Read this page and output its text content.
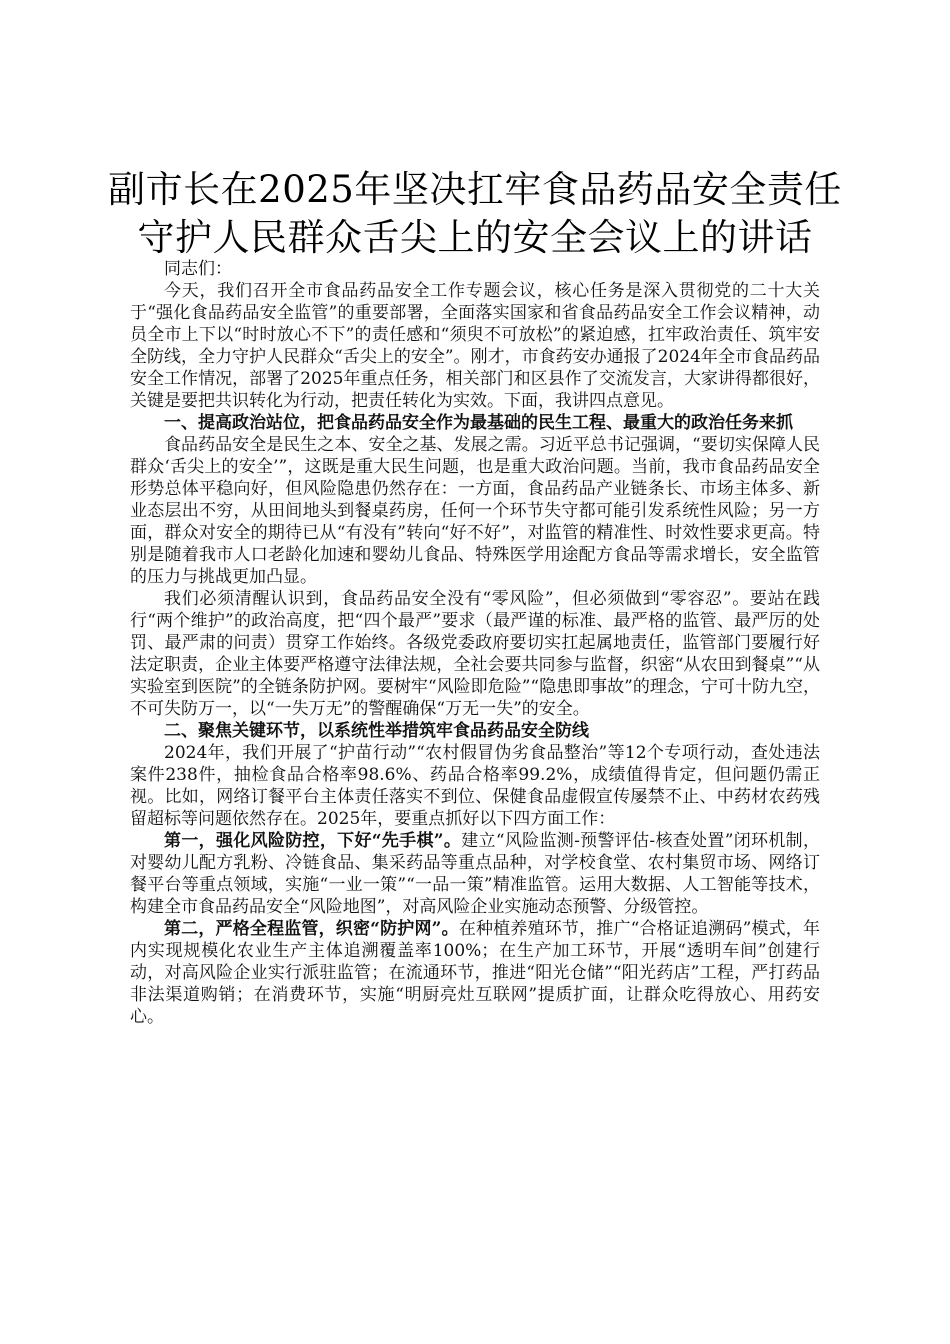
副市长在2025年坚决扛牢食品药品安全责任
守护人民群众舌尖上的安全会议上的讲话

同志们：

今天，我们召开全市食品药品安全工作专题会议，核心任务是深入贯彻党的二十大关于“强化食品药品安全监管”的重要部署，全面落实国家和省食品药品安全工作会议精神，动员全市上下以“时时放心不下”的责任感和“须臾不可放松”的紧迫感，扛牢政治责任、筑牢安全防线，全力守护人民群众“舌尖上的安全”。刚才，市食药安办通报了2024年全市食品药品安全工作情况，部署了2025年重点任务，相关部门和区县作了交流发言，大家讲得都很好，关键是要把共识转化为行动，把责任转化为实效。下面，我讲四点意见。

一、提高政治站位，把食品药品安全作为最基础的民生工程、最重大的政治任务来抓

食品药品安全是民生之本、安全之基、发展之需。习近平总书记强调，“要切实保障人民群众‘舌尖上的安全’”，这既是重大民生问题，也是重大政治问题。当前，我市食品药品安全形势总体平稳向好，但风险隐患仍然存在：一方面，食品药品产业链条长、市场主体多、新业态层出不穷，从田间地头到餐桌药房，任何一个环节失守都可能引发系统性风险；另一方面，群众对安全的期待已从“有没有”转向“好不好”，对监管的精准性、时效性要求更高。特别是随着我市人口老龄化加速和婴幼儿食品、特殊医学用途配方食品等需求增长，安全监管的压力与挑战更加凸显。

我们必须清醒认识到，食品药品安全没有“零风险”，但必须做到“零容忍”。要站在践行“两个维护”的政治高度，把“四个最严”要求（最严谨的标准、最严格的监管、最严厉的处罚、最严肃的问责）贯穿工作始终。各级党委政府要切实扛起属地责任，监管部门要履行好法定职责，企业主体要严格遵守法律法规，全社会要共同参与监督，织密“从农田到餐桌”“从实验室到医院”的全链条防护网。要树牢“风险即危险”“隐患即事故”的理念，宁可十防九空，不可失防万一，以“一失万无”的警醒确保“万无一失”的安全。

二、聚焦关键环节，以系统性举措筑牢食品药品安全防线

2024年，我们开展了“护苗行动”“农村假冒伪劣食品整治”等12个专项行动，查处违法案件238件，抽检食品合格率98.6%、药品合格率99.2%，成绩值得肯定，但问题仍需正视。比如，网络订餐平台主体责任落实不到位、保健食品虚假宣传屡禁不止、中药材农药残留超标等问题依然存在。2025年，要重点抓好以下四方面工作：

第一，强化风险防控，下好“先手棋”。建立“风险监测-预警评估-核查处置”闭环机制，对婴幼儿配方乳粉、冷链食品、集采药品等重点品种，对学校食堂、农村集贸市场、网络订餐平台等重点领域，实施“一业一策”“一品一策”精准监管。运用大数据、人工智能等技术，构建全市食品药品安全“风险地图”，对高风险企业实施动态预警、分级管控。

第二，严格全程监管，织密“防护网”。在种植养殖环节，推广“合格证追溯码”模式，年内实现规模化农业生产主体追溯覆盖率100%；在生产加工环节，开展“透明车间”创建行动，对高风险企业实行派驻监管；在流通环节，推进“阳光仓储”“阳光药店”工程，严打药品非法渠道购销；在消费环节，实施“明厨亮灶互联网”提质扩面，让群众吃得放心、用药安心。
